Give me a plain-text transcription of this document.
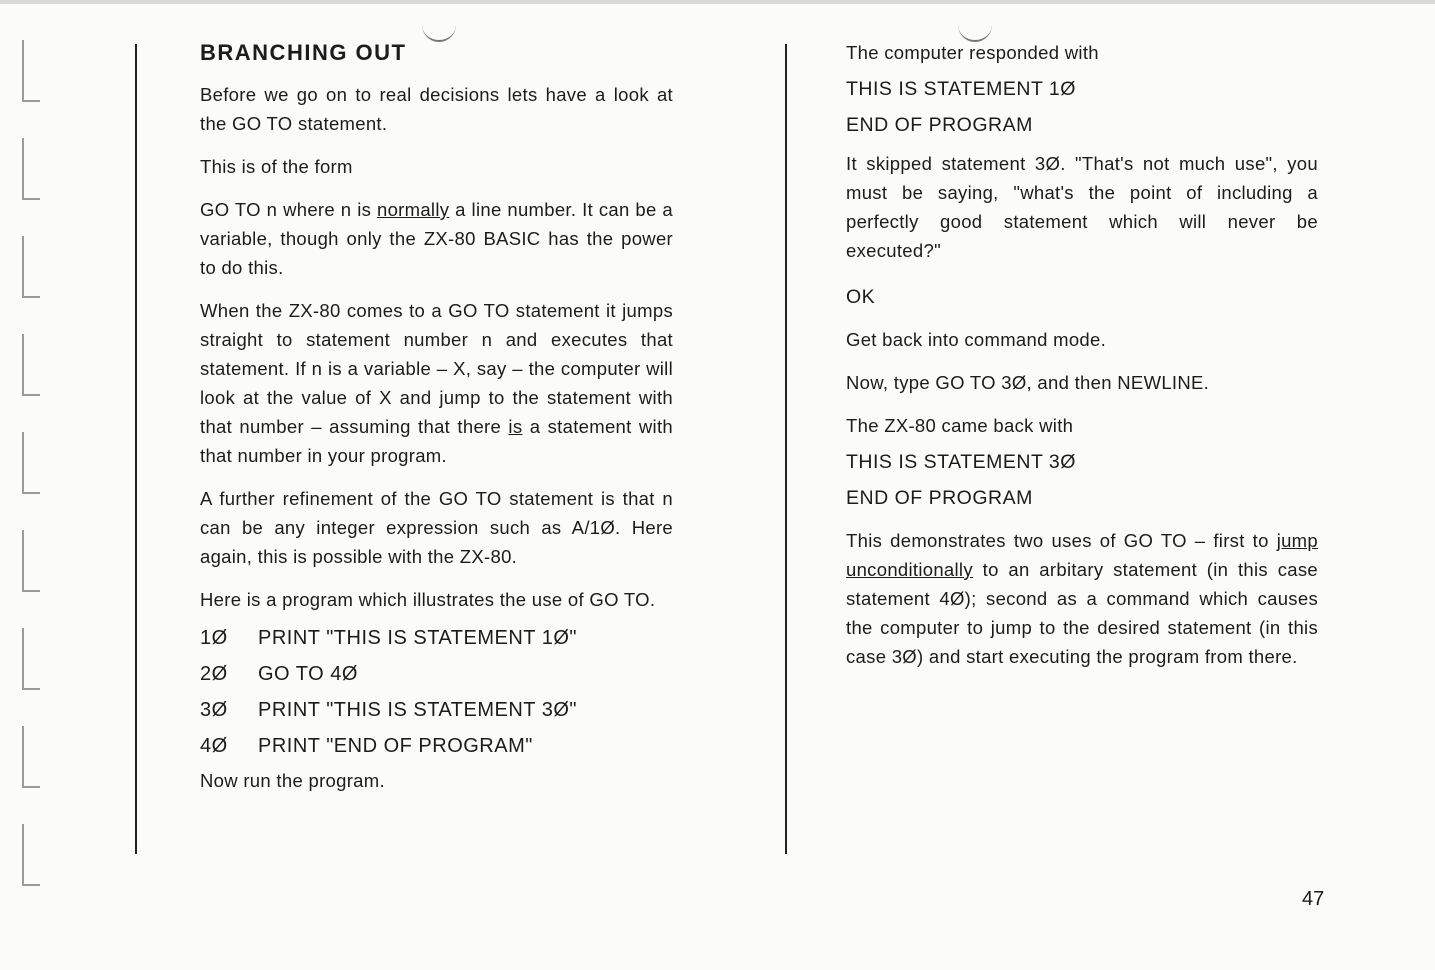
BRANCHING OUT

Before we go on to real decisions lets have a look at the GO TO statement.

This is of the form

GO TO n where n is normally a line number. It can be a variable, though only the ZX-80 BASIC has the power to do this.

When the ZX-80 comes to a GO TO statement it jumps straight to statement number n and executes that statement. If n is a variable – X, say – the computer will look at the value of X and jump to the statement with that number – assuming that there is a statement with that number in your program.

A further refinement of the GO TO statement is that n can be any integer expression such as A/1Ø. Here again, this is possible with the ZX-80.

Here is a program which illustrates the use of GO TO.

1Ø	PRINT "THIS IS STATEMENT 1Ø"
2Ø	GO TO 4Ø
3Ø	PRINT "THIS IS STATEMENT 3Ø"
4Ø	PRINT "END OF PROGRAM"

Now run the program.

The computer responded with

THIS IS STATEMENT 1Ø

END OF PROGRAM

It skipped statement 3Ø. "That's not much use", you must be saying, "what's the point of including a perfectly good statement which will never be executed?"

OK

Get back into command mode.

Now, type GO TO 3Ø, and then NEWLINE.

The ZX-80 came back with

THIS IS STATEMENT 3Ø

END OF PROGRAM

This demonstrates two uses of GO TO – first to jump unconditionally to an arbitary statement (in this case statement 4Ø); second as a command which causes the computer to jump to the desired statement (in this case 3Ø) and start executing the program from there.

47
